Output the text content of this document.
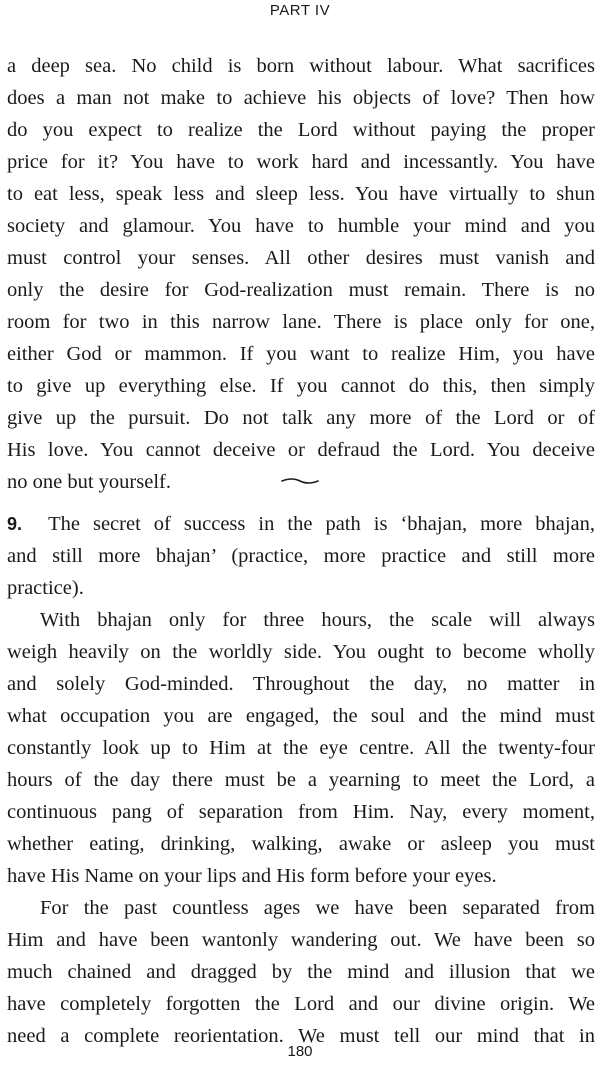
PART IV
a deep sea. No child is born without labour. What sacrifices
does a man not make to achieve his objects of love? Then how
do you expect to realize the Lord without paying the proper
price for it? You have to work hard and incessantly. You have
to eat less, speak less and sleep less. You have virtually to shun
society and glamour. You have to humble your mind and you
must control your senses. All other desires must vanish and
only the desire for God-realization must remain. There is no
room for two in this narrow lane. There is place only for one,
either God or mammon. If you want to realize Him, you have
to give up everything else. If you cannot do this, then simply
give up the pursuit. Do not talk any more of the Lord or of
His love. You cannot deceive or defraud the Lord. You deceive
no one but yourself.
9. The secret of success in the path is ‘bhajan, more bhajan,
and still more bhajan’ (practice, more practice and still more
practice).
With bhajan only for three hours, the scale will always
weigh heavily on the worldly side. You ought to become wholly
and solely God-minded. Throughout the day, no matter in
what occupation you are engaged, the soul and the mind must
constantly look up to Him at the eye centre. All the twenty-four
hours of the day there must be a yearning to meet the Lord, a
continuous pang of separation from Him. Nay, every moment,
whether eating, drinking, walking, awake or asleep you must
have His Name on your lips and His form before your eyes.
For the past countless ages we have been separated from
Him and have been wantonly wandering out. We have been so
much chained and dragged by the mind and illusion that we
have completely forgotten the Lord and our divine origin. We
need a complete reorientation. We must tell our mind that in
180
